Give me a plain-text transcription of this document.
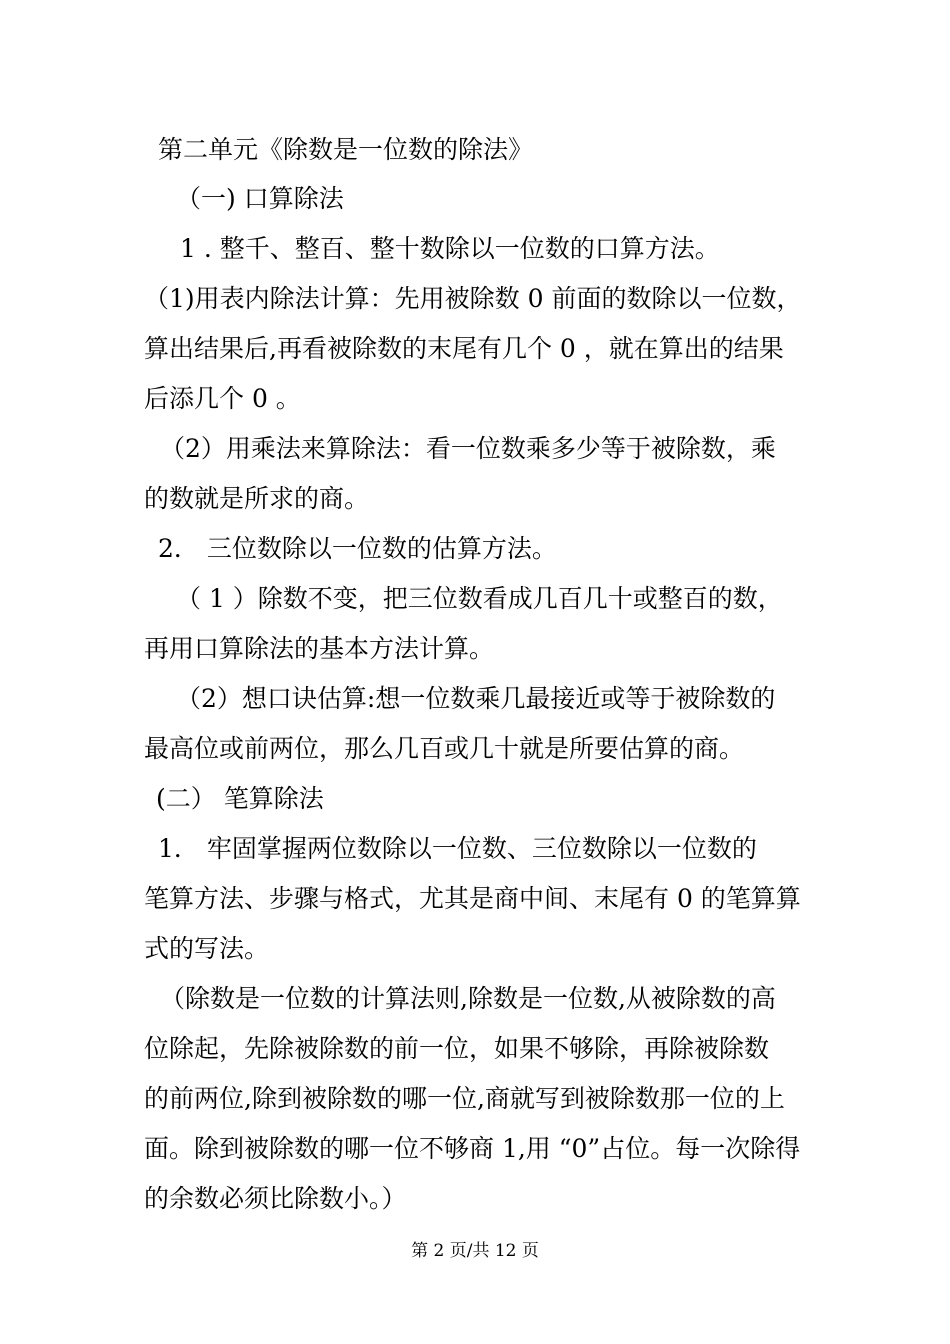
第二单元《除数是一位数的除法》
（一) 口算除法
1 . 整千、整百、整十数除以一位数的口算方法。
（1)用表内除法计算：先用被除数 0 前面的数除以一位数，
算出结果后,再看被除数的末尾有几个 0 ，就在算出的结果
后添几个 0 。
（2）用乘法来算除法：看一位数乘多少等于被除数，乘
的数就是所求的商。
2． 三位数除以一位数的估算方法。
（ 1 ）除数不变，把三位数看成几百几十或整百的数，
再用口算除法的基本方法计算。
（2）想口诀估算:想一位数乘几最接近或等于被除数的
最高位或前两位，那么几百或几十就是所要估算的商。
(二） 笔算除法
1． 牢固掌握两位数除以一位数、三位数除以一位数的
笔算方法、步骤与格式，尤其是商中间、末尾有 0 的笔算算
式的写法。
（除数是一位数的计算法则,除数是一位数,从被除数的高
位除起，先除被除数的前一位，如果不够除，再除被除数
的前两位,除到被除数的哪一位,商就写到被除数那一位的上
面。除到被除数的哪一位不够商 1,用 “0”占位。每一次除得
的余数必须比除数小。）
第 2 页/共 12 页
